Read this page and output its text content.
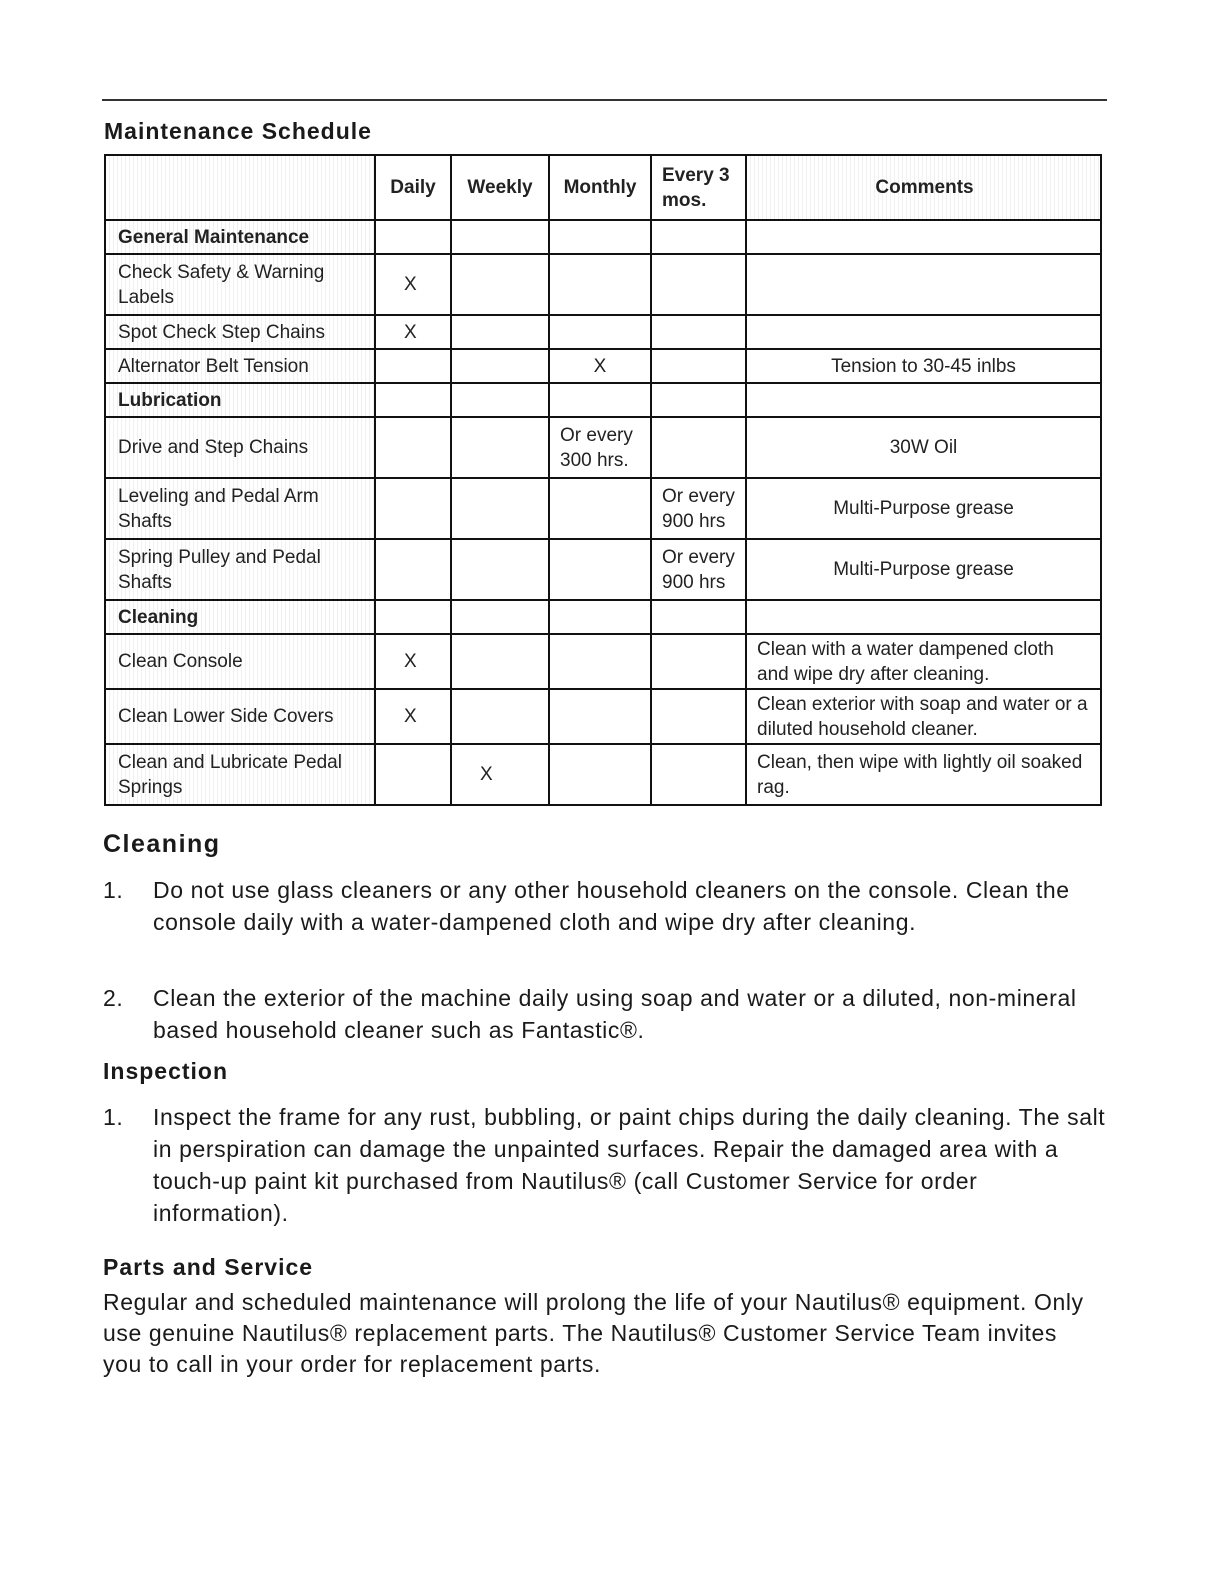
Maintenance Schedule
	Daily	Weekly	Monthly	Every 3 mos.	Comments
General Maintenance					
Check Safety & Warning Labels	X				
Spot Check Step Chains	X				
Alternator Belt Tension			X		Tension to 30-45 inlbs
Lubrication					
Drive and Step Chains			Or every 300 hrs.		30W Oil
Leveling and Pedal Arm Shafts				Or every 900 hrs	Multi-Purpose grease
Spring Pulley and Pedal Shafts				Or every 900 hrs	Multi-Purpose grease
Cleaning					
Clean Console	X				Clean with a water dampened cloth and wipe dry after cleaning.
Clean Lower Side Covers	X				Clean exterior with soap and water or a diluted household cleaner.
Clean and Lubricate Pedal Springs		X			Clean, then wipe with lightly oil soaked rag.
Cleaning
1. Do not use glass cleaners or any other household cleaners on the console. Clean the console daily with a water-dampened cloth and wipe dry after cleaning.
2. Clean the exterior of the machine daily using soap and water or a diluted, non-mineral based household cleaner such as Fantastic®.
Inspection
1. Inspect the frame for any rust, bubbling, or paint chips during the daily cleaning. The salt in perspiration can damage the unpainted surfaces. Repair the damaged area with a touch-up paint kit purchased from Nautilus® (call Customer Service for order information).
Parts and Service

Regular and scheduled maintenance will prolong the life of your Nautilus® equipment. Only use genuine Nautilus® replacement parts. The Nautilus® Customer Service Team invites you to call in your order for replacement parts.
